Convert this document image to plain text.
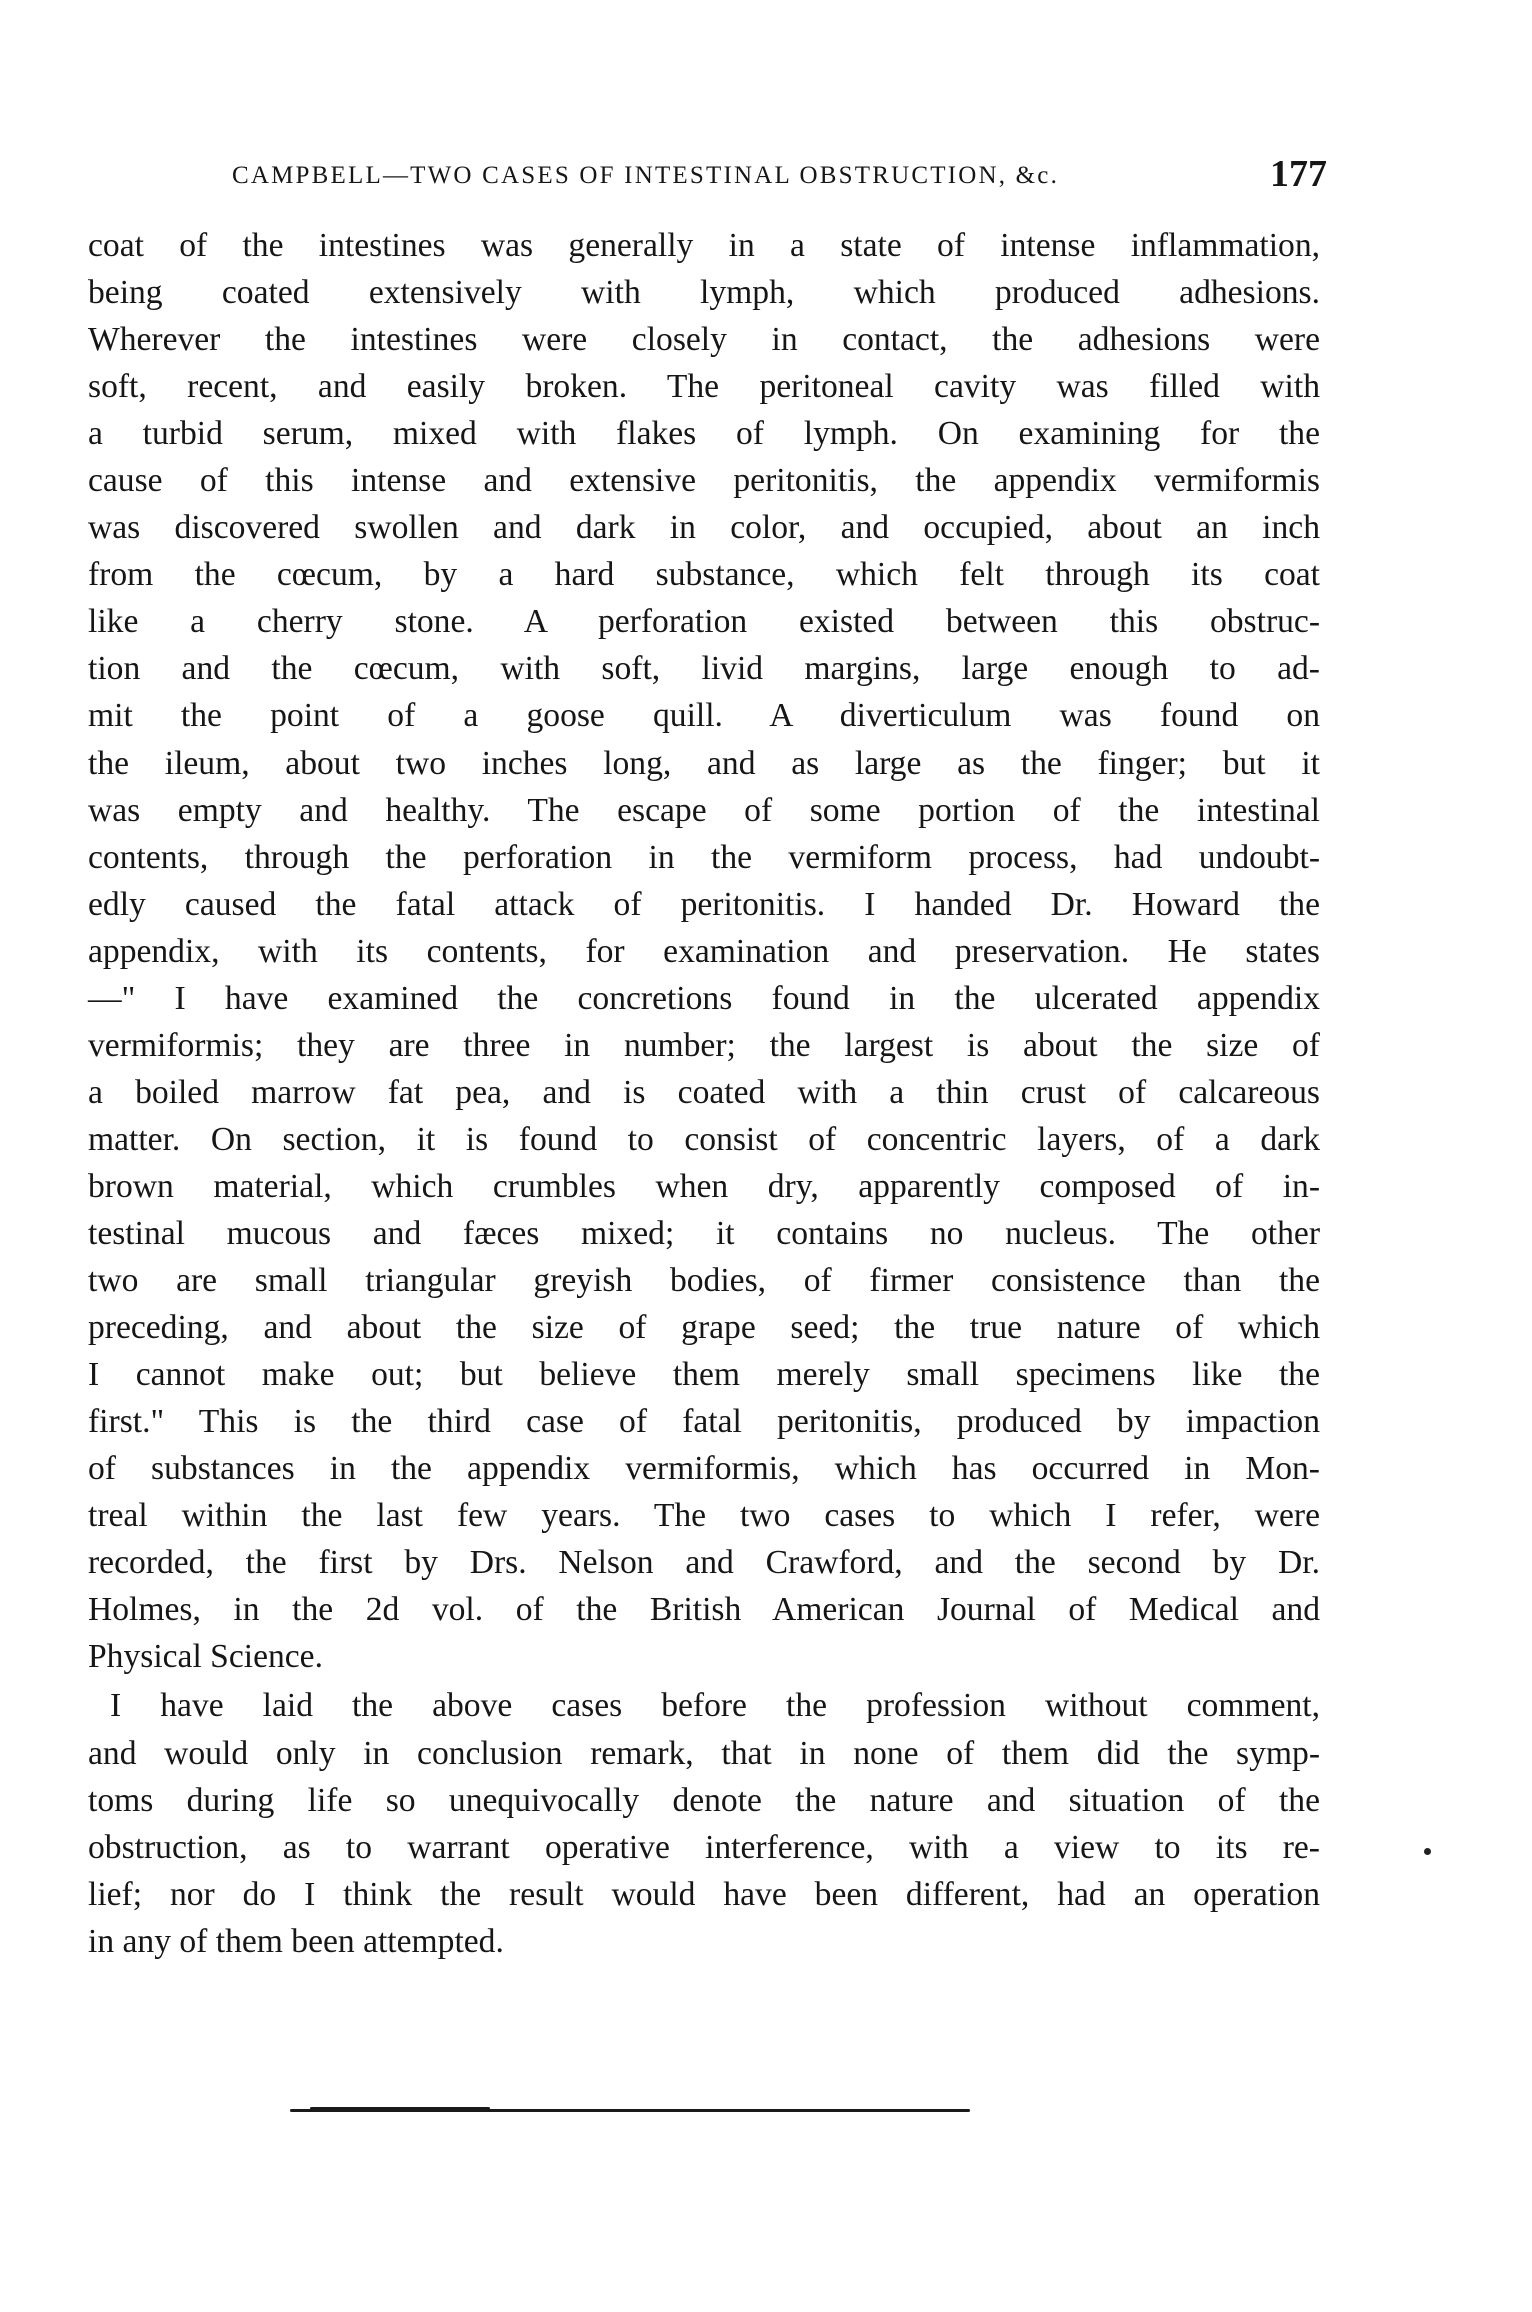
CAMPBELL—TWO CASES OF INTESTINAL OBSTRUCTION, &c.	177
coat of the intestines was generally in a state of intense inflammation,
being coated extensively with lymph, which produced adhesions.
Wherever the intestines were closely in contact, the adhesions were
soft, recent, and easily broken. The peritoneal cavity was filled with
a turbid serum, mixed with flakes of lymph. On examining for the
cause of this intense and extensive peritonitis, the appendix vermiformis
was discovered swollen and dark in color, and occupied, about an inch
from the cœcum, by a hard substance, which felt through its coat
like a cherry stone. A perforation existed between this obstruc-
tion and the cœcum, with soft, livid margins, large enough to ad-
mit the point of a goose quill. A diverticulum was found on
the ileum, about two inches long, and as large as the finger; but it
was empty and healthy. The escape of some portion of the intestinal
contents, through the perforation in the vermiform process, had undoubt-
edly caused the fatal attack of peritonitis. I handed Dr. Howard the
appendix, with its contents, for examination and preservation. He states
—" I have examined the concretions found in the ulcerated appendix
vermiformis; they are three in number; the largest is about the size of
a boiled marrow fat pea, and is coated with a thin crust of calcareous
matter. On section, it is found to consist of concentric layers, of a dark
brown material, which crumbles when dry, apparently composed of in-
testinal mucous and fæces mixed; it contains no nucleus. The other
two are small triangular greyish bodies, of firmer consistence than the
preceding, and about the size of grape seed; the true nature of which
I cannot make out; but believe them merely small specimens like the
first." This is the third case of fatal peritonitis, produced by impaction
of substances in the appendix vermiformis, which has occurred in Mon-
treal within the last few years. The two cases to which I refer, were
recorded, the first by Drs. Nelson and Crawford, and the second by Dr.
Holmes, in the 2d vol. of the British American Journal of Medical and
Physical Science.
I have laid the above cases before the profession without comment,
and would only in conclusion remark, that in none of them did the symp-
toms during life so unequivocally denote the nature and situation of the
obstruction, as to warrant operative interference, with a view to its re-
lief; nor do I think the result would have been different, had an operation
in any of them been attempted.
